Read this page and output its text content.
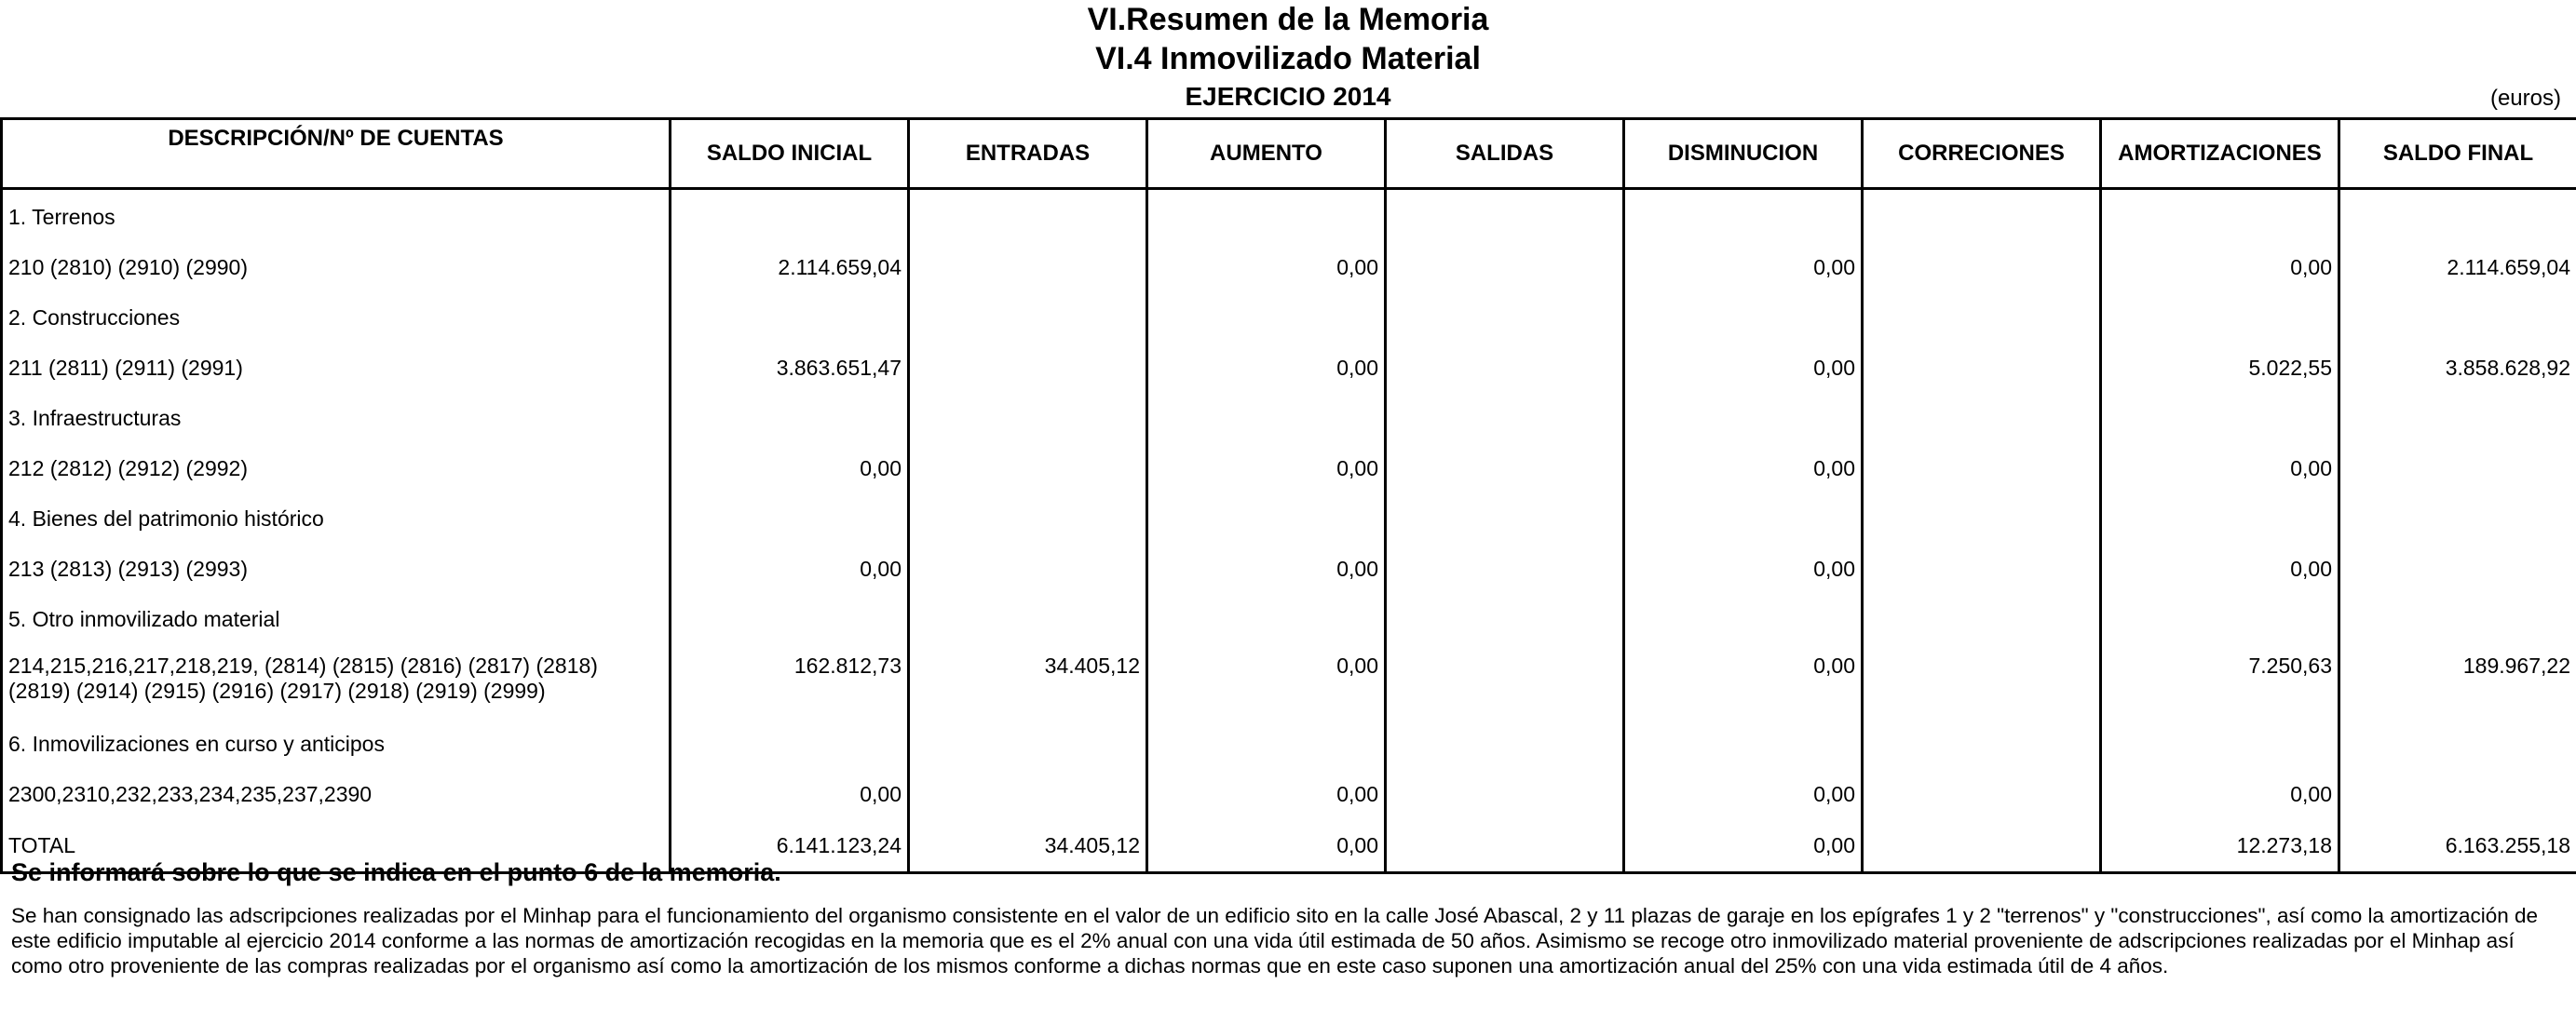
VI.Resumen de la Memoria
VI.4 Inmovilizado Material
EJERCICIO 2014	(euros)
DESCRIPCIÓN/Nº DE CUENTAS	SALDO INICIAL	ENTRADAS	AUMENTO	SALIDAS	DISMINUCION	CORRECIONES	AMORTIZACIONES	SALDO FINAL
1. Terrenos								
210 (2810) (2910) (2990)	2.114.659,04		0,00		0,00		0,00	2.114.659,04
2. Construcciones								
211 (2811) (2911) (2991)	3.863.651,47		0,00		0,00		5.022,55	3.858.628,92
3. Infraestructuras								
212 (2812) (2912) (2992)	0,00		0,00		0,00		0,00	
4. Bienes del patrimonio histórico								
213 (2813) (2913) (2993)	0,00		0,00		0,00		0,00	
5. Otro inmovilizado material								
214,215,216,217,218,219, (2814) (2815) (2816) (2817) (2818) (2819) (2914) (2915) (2916) (2917) (2918) (2919) (2999)	162.812,73	34.405,12	0,00		0,00		7.250,63	189.967,22
6. Inmovilizaciones en curso y anticipos								
2300,2310,232,233,234,235,237,2390	0,00		0,00		0,00		0,00	
TOTAL	6.141.123,24	34.405,12	0,00		0,00		12.273,18	6.163.255,18
Se informará sobre lo que se indica en el punto 6 de la memoria.
Se han consignado las adscripciones realizadas por el Minhap para el funcionamiento del organismo consistente en el valor de un edificio sito en la calle José Abascal, 2 y 11 plazas de garaje en los epígrafes 1 y 2 "terrenos" y "construcciones", así como la amortización de este edificio imputable al ejercicio 2014 conforme a las normas de amortización recogidas en la memoria que es el 2% anual con una vida útil estimada de 50 años. Asimismo se recoge otro inmovilizado material proveniente de adscripciones realizadas por el Minhap así como otro proveniente de las compras realizadas por el organismo así como la amortización de los mismos conforme a dichas normas que en este caso suponen una amortización anual del 25% con una vida estimada útil de 4 años.
